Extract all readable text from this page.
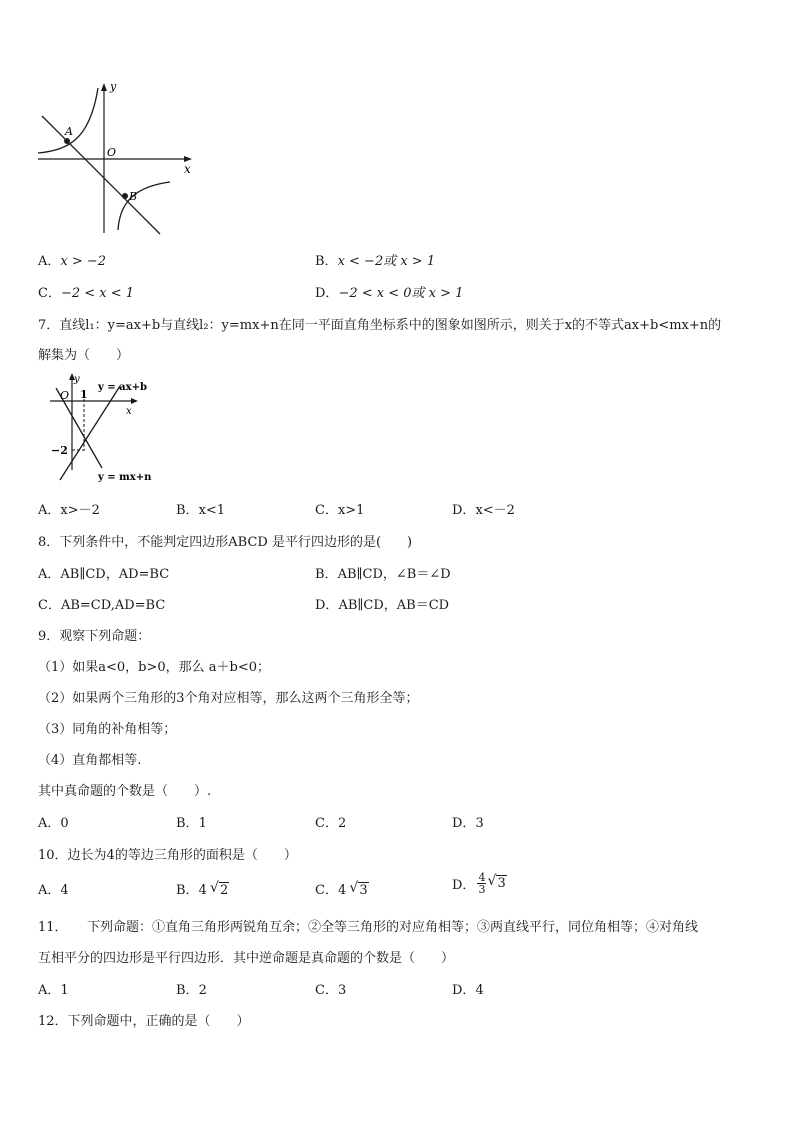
y
x
O
A
B
A．x > −2	B．x < −2或 x > 1
C．−2 < x < 1	D．−2 < x < 0或 x > 1
7．直线l₁：y=ax+b与直线l₂：y=mx+n在同一平面直角坐标系中的图象如图所示，则关于x的不等式ax+b<mx+n的
解集为（　　）
y
O 1
x
−2
y = ax+b
y = mx+n
A．x>－2	B．x<1	C．x>1	D．x<－2
8．下列条件中，不能判定四边形ABCD 是平行四边形的是(　　)
A．AB∥CD，AD=BC	B．AB∥CD，∠B＝∠D
C．AB=CD,AD=BC	D．AB∥CD，AB＝CD
9．观察下列命题：
（1）如果a<0，b>0，那么 a＋b<0；
（2）如果两个三角形的3个角对应相等，那么这两个三角形全等；
（3）同角的补角相等；
（4）直角都相等.
其中真命题的个数是（　　）.
A．0	B．1	C．2	D．3
10．边长为4的等边三角形的面积是（　　）
A．4	B．4 √ 2	C．4 √ 3	D． $\frac{4}{3}$ √ 3
11．　　下列命题：①直角三角形两锐角互余；②全等三角形的对应角相等；③两直线平行，同位角相等；④对角线
互相平分的四边形是平行四边形．其中逆命题是真命题的个数是（　　）
A．1	B．2	C．3	D．4
12．下列命题中，正确的是（　　）
